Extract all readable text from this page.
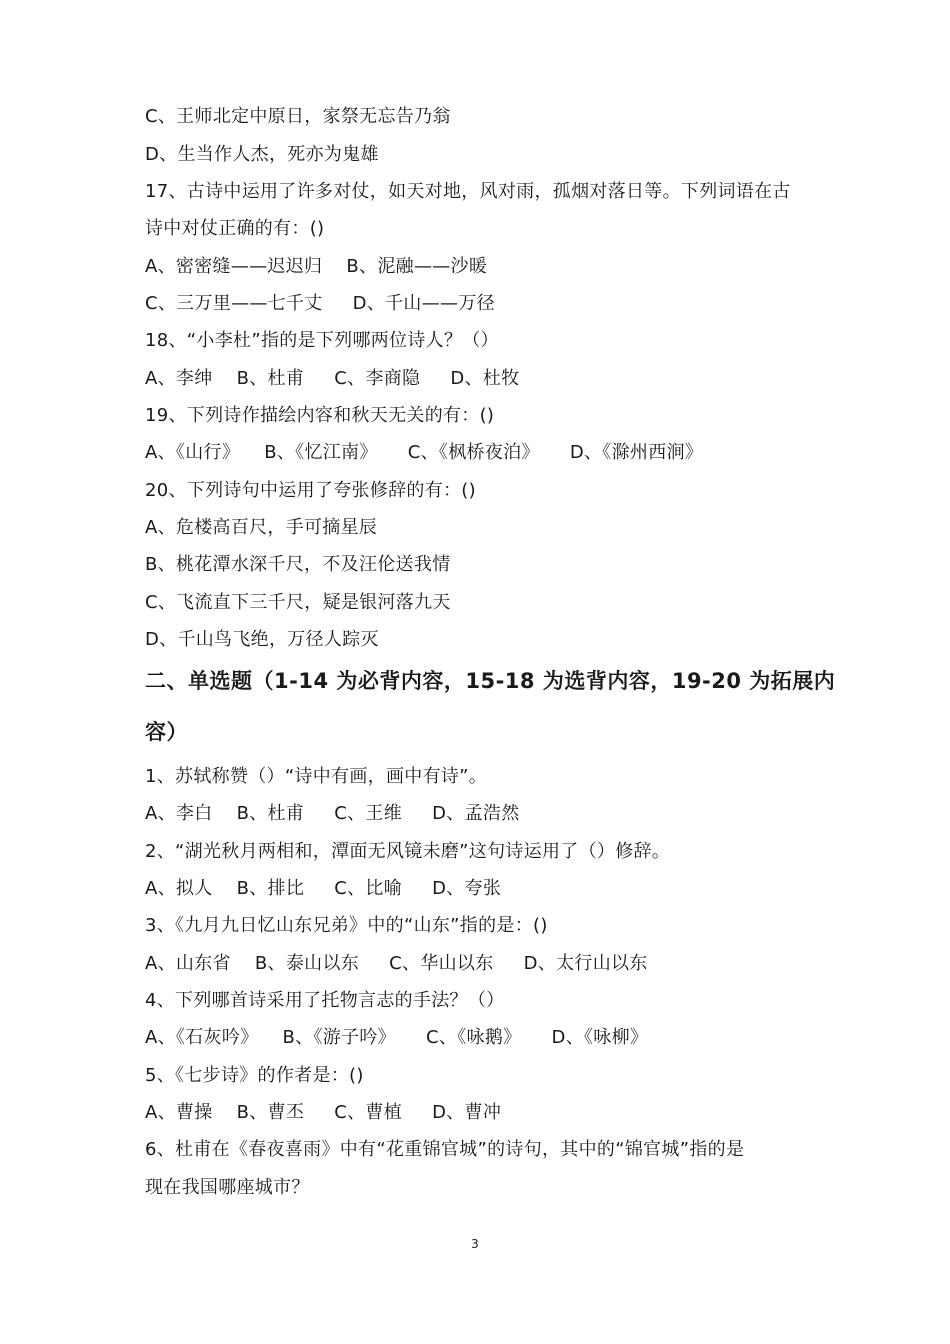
C、王师北定中原日，家祭无忘告乃翁
D、生当作人杰，死亦为鬼雄
17、古诗中运用了许多对仗，如天对地，风对雨，孤烟对落日等。下列词语在古
诗中对仗正确的有：()
A、密密缝——迟迟归    B、泥融——沙暖
C、三万里——七千丈     D、千山——万径
18、“小李杜”指的是下列哪两位诗人？（）
A、李绅    B、杜甫     C、李商隐     D、杜牧
19、下列诗作描绘内容和秋天无关的有：()
A、《山行》    B、《忆江南》     C、《枫桥夜泊》     D、《滁州西涧》
20、下列诗句中运用了夸张修辞的有：()
A、危楼高百尺，手可摘星辰
B、桃花潭水深千尺，不及汪伦送我情
C、飞流直下三千尺，疑是银河落九天
D、千山鸟飞绝，万径人踪灭
二、单选题（1-14 为必背内容，15-18 为选背内容，19-20 为拓展内
容）
1、苏轼称赞（）“诗中有画，画中有诗”。
A、李白    B、杜甫     C、王维     D、孟浩然
2、“湖光秋月两相和，潭面无风镜未磨”这句诗运用了（）修辞。
A、拟人    B、排比     C、比喻     D、夸张
3、《九月九日忆山东兄弟》中的“山东”指的是：()
A、山东省    B、泰山以东     C、华山以东     D、太行山以东
4、下列哪首诗采用了托物言志的手法？（）
A、《石灰吟》    B、《游子吟》     C、《咏鹅》     D、《咏柳》
5、《七步诗》的作者是：()
A、曹操    B、曹丕     C、曹植     D、曹冲
6、杜甫在《春夜喜雨》中有“花重锦官城”的诗句，其中的“锦官城”指的是
现在我国哪座城市？
3
